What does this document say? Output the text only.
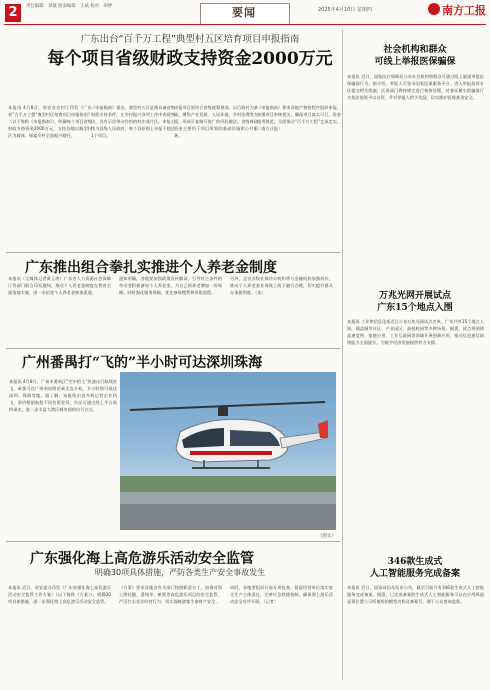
2	责任编辑：刘敏 版面编辑：王斌 校对：胡婷	要闻	2025年4月10日 星期四	南方工报
广东出台“百千万工程”典型村五区培育项目申报指南
每个项目省级财政支持资金2000万元
本报讯 4月8日，省农业农村厅印发《广东省“百千万工程”典型村区培育项目申报指南》（以下简称《申报指南》），明确每个项目省级财政支持资金2000万元，支持各地以典型村区为载体，探索乡村全面振兴路径。
《申报指南》提出，典型村五区是指具备省级财政支持条件，在乡村振兴各项工作中表现突出，具有示范带动作用的村庄或片区。申报主体为县级人民政府，每个县原则上申报不超过1个项目。
申报项目须符合省级统筹规划，以行政村为基础，聚焦产业发展、人居环境、乡村治理等方面，形成可复制可推广的经验做法。省级财政资金主要用于项目所需的基础设施和公共服务。
《申报指南》要求各地严格按程序组织申报，加强项目审核把关，确保项目真实可行，资金使用规范，全面推动“百千万工程”走深走实。（南方日报）
社会机构和群众
可线上举报医保骗保
本报讯 近日，国家医疗保障局公布社会机构和群众可通过线上渠道举报医保骗保行为。据介绍，举报人可登录国家医保服务平台，进入举报投诉专区提交相关线索，医保部门将按规定进行核查处理，对查证属实的骗保行为依法依规予以处罚，并对举报人给予奖励，切实维护医保基金安全。
万兆光网开展试点
广东15个地点入围
本报讯 工业和信息化部近日公布万兆光网试点名单，广东共有15个地点入围，涵盖城市社区、产业园区、高校校园等多种场景。据悉，试点将围绕高速宽带、家庭应用、工业互联网等领域开展创新应用，推动信息通信网络能力全面提升，为数字经济发展提供有力支撑。
346款生成式
人工智能服务完成备案
本报讯 近日，国家网信办发布公告，截至目前共有346款生成式人工智能服务完成备案。据悉，已完成备案的生成式人工智能服务可以在应用界面显著位置公示所使用的模型名称及备案号，便于公众查询监督。
广东推出组合拳扎实推进个人养老金制度
本报讯（全媒体记者黄玉瑶）广东省人力资源社会保障厅等部门联合印发通知，推动个人养老金制度在我省全面落地实施，进一步拓宽个人养老金参加渠道。
通知明确，各地要加强政策宣传解读，引导符合条件的劳动者积极参加个人养老金，为自己的养老增加一份保障。同时强化服务保障，优化参保缴费和领取流程。
另外，全省各级社保经办机构将与金融机构加强协作，推动个人养老金业务线上线下融合办理，切实提升群众办事便利度。（朱）
广州番禺打“飞的”半小时可达深圳珠海
本报讯 4月8日，广州市番禺区“空中的士”快速出行航线首飞，乘客可在广州南站附近乘坐直升机，半小时即可抵达深圳、珠海等地。据了解，该航线由直升机运营企业执飞，票价根据航程不同有所差异，市民可通过线上平台预约乘坐，进一步丰富大湾区城市间的出行方式。
（图文）
广东强化海上高危游乐活动安全监管
明确30项具体措施，严防各类生产安全事故发生
本报讯 近日，省安委办印发《广东省强化海上高危游乐活动安全监管工作方案》（以下简称《方案》），明确30项具体措施，进一步强化海上高危游乐活动安全监管。
《方案》要求各地各有关部门按照职责分工，加强对海上摩托艇、滑翔伞、帆板等高危游乐项目的安全监管，严厉打击非法经营行为，切实保障游客生命财产安全。
同时，各地要组织开展专项检查，督促经营单位落实安全生产主体责任，完善应急救援机制，确保海上游乐活动安全有序开展。（记者）
